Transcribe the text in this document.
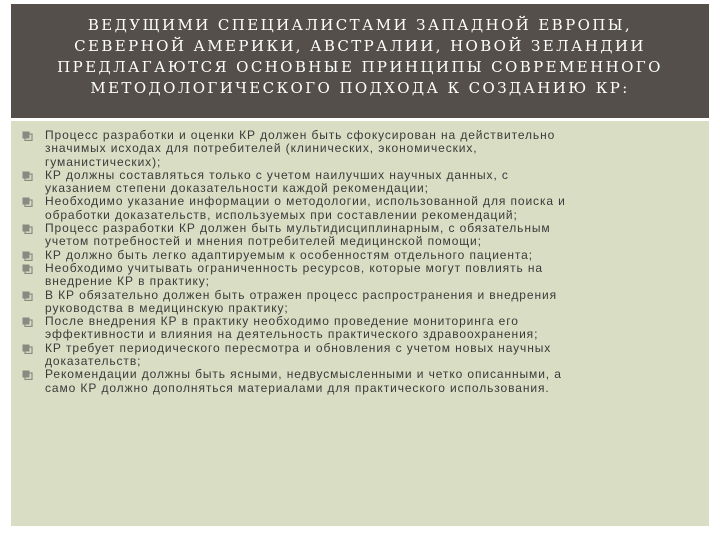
ВЕДУЩИМИ СПЕЦИАЛИСТАМИ ЗАПАДНОЙ ЕВРОПЫ,
СЕВЕРНОЙ АМЕРИКИ, АВСТРАЛИИ, НОВОЙ ЗЕЛАНДИИ
ПРЕДЛАГАЮТСЯ ОСНОВНЫЕ ПРИНЦИПЫ СОВРЕМЕННОГО
МЕТОДОЛОГИЧЕСКОГО ПОДХОДА К СОЗДАНИЮ КР:
Процесс разработки и оценки КР должен быть сфокусирован на действительно
значимых исходах для потребителей (клинических, экономических,
гуманистических);
КР должны составляться только с учетом наилучших научных данных, с
указанием степени доказательности каждой рекомендации;
Необходимо указание информации о методологии, использованной для поиска и
обработки доказательств, используемых при составлении рекомендаций;
Процесс разработки КР должен быть мультидисциплинарным, с обязательным
учетом потребностей и мнения потребителей медицинской помощи;
КР должно быть легко адаптируемым к особенностям отдельного пациента;
Необходимо учитывать ограниченность ресурсов, которые могут повлиять на
внедрение КР в практику;
В КР обязательно должен быть отражен процесс распространения и внедрения
руководства в медицинскую практику;
После внедрения КР в практику необходимо проведение мониторинга его
эффективности и влияния на деятельность практического здравоохранения;
КР требует периодического пересмотра и обновления с учетом новых научных
доказательств;
Рекомендации должны быть ясными, недвусмысленными и четко описанными, а
само КР должно дополняться материалами для практического использования.
